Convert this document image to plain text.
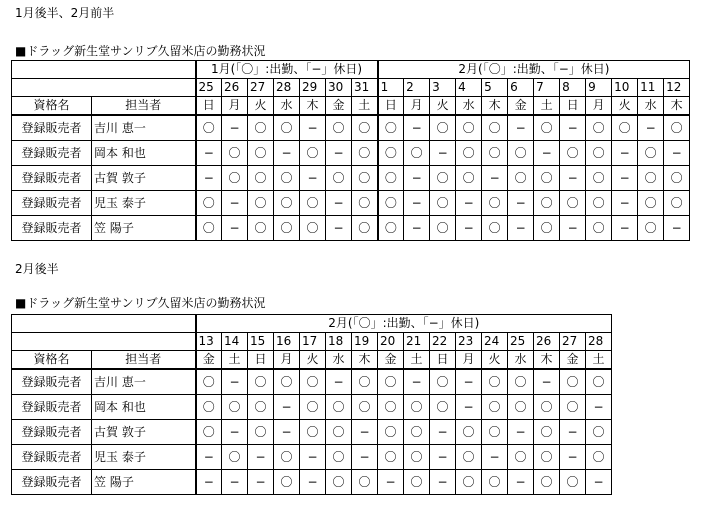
1月後半、2月前半
■ドラッグ新生堂サンリブ久留米店の勤務状況
		1月(「〇」:出勤、「−」休日)							2月(「〇」:出勤、「−」休日)											
		25	26	27	28	29	30	31	1	2	3	4	5	6	7	8	9	10	11	12
資格名	担当者	日	月	火	水	木	金	土	日	月	火	水	木	金	土	日	月	火	水	木
登録販売者	吉川 恵一	〇	−	〇	〇	−	〇	〇	〇	−	〇	〇	〇	−	〇	−	〇	〇	−	〇
登録販売者	岡本 和也	−	〇	〇	−	〇	−	〇	〇	〇	−	〇	〇	〇	−	〇	〇	−	〇	−
登録販売者	古賀 敦子	−	〇	〇	〇	−	〇	〇	〇	−	〇	〇	−	〇	〇	−	〇	−	〇	〇
登録販売者	児玉 泰子	〇	−	〇	〇	〇	−	〇	〇	−	〇	−	〇	−	〇	〇	〇	−	〇	〇
登録販売者	笠 陽子	〇	−	〇	〇	〇	−	〇	〇	−	〇	−	〇	−	〇	−	〇	−	〇	−
2月後半
■ドラッグ新生堂サンリブ久留米店の勤務状況
		2月(「〇」:出勤、「−」休日)															
		13	14	15	16	17	18	19	20	21	22	23	24	25	26	27	28
資格名	担当者	金	土	日	月	火	水	木	金	土	日	月	火	水	木	金	土
登録販売者	吉川 恵一	〇	−	〇	〇	〇	−	〇	〇	−	〇	−	〇	〇	−	〇	〇
登録販売者	岡本 和也	〇	〇	〇	−	〇	〇	〇	〇	〇	〇	−	〇	〇	〇	〇	−
登録販売者	古賀 敦子	〇	−	〇	−	〇	〇	−	〇	〇	−	〇	〇	−	〇	−	〇
登録販売者	児玉 泰子	−	〇	−	〇	−	〇	−	〇	〇	−	〇	−	〇	〇	−	〇
登録販売者	笠 陽子	−	−	−	〇	−	〇	〇	−	〇	−	〇	〇	−	〇	〇	−
